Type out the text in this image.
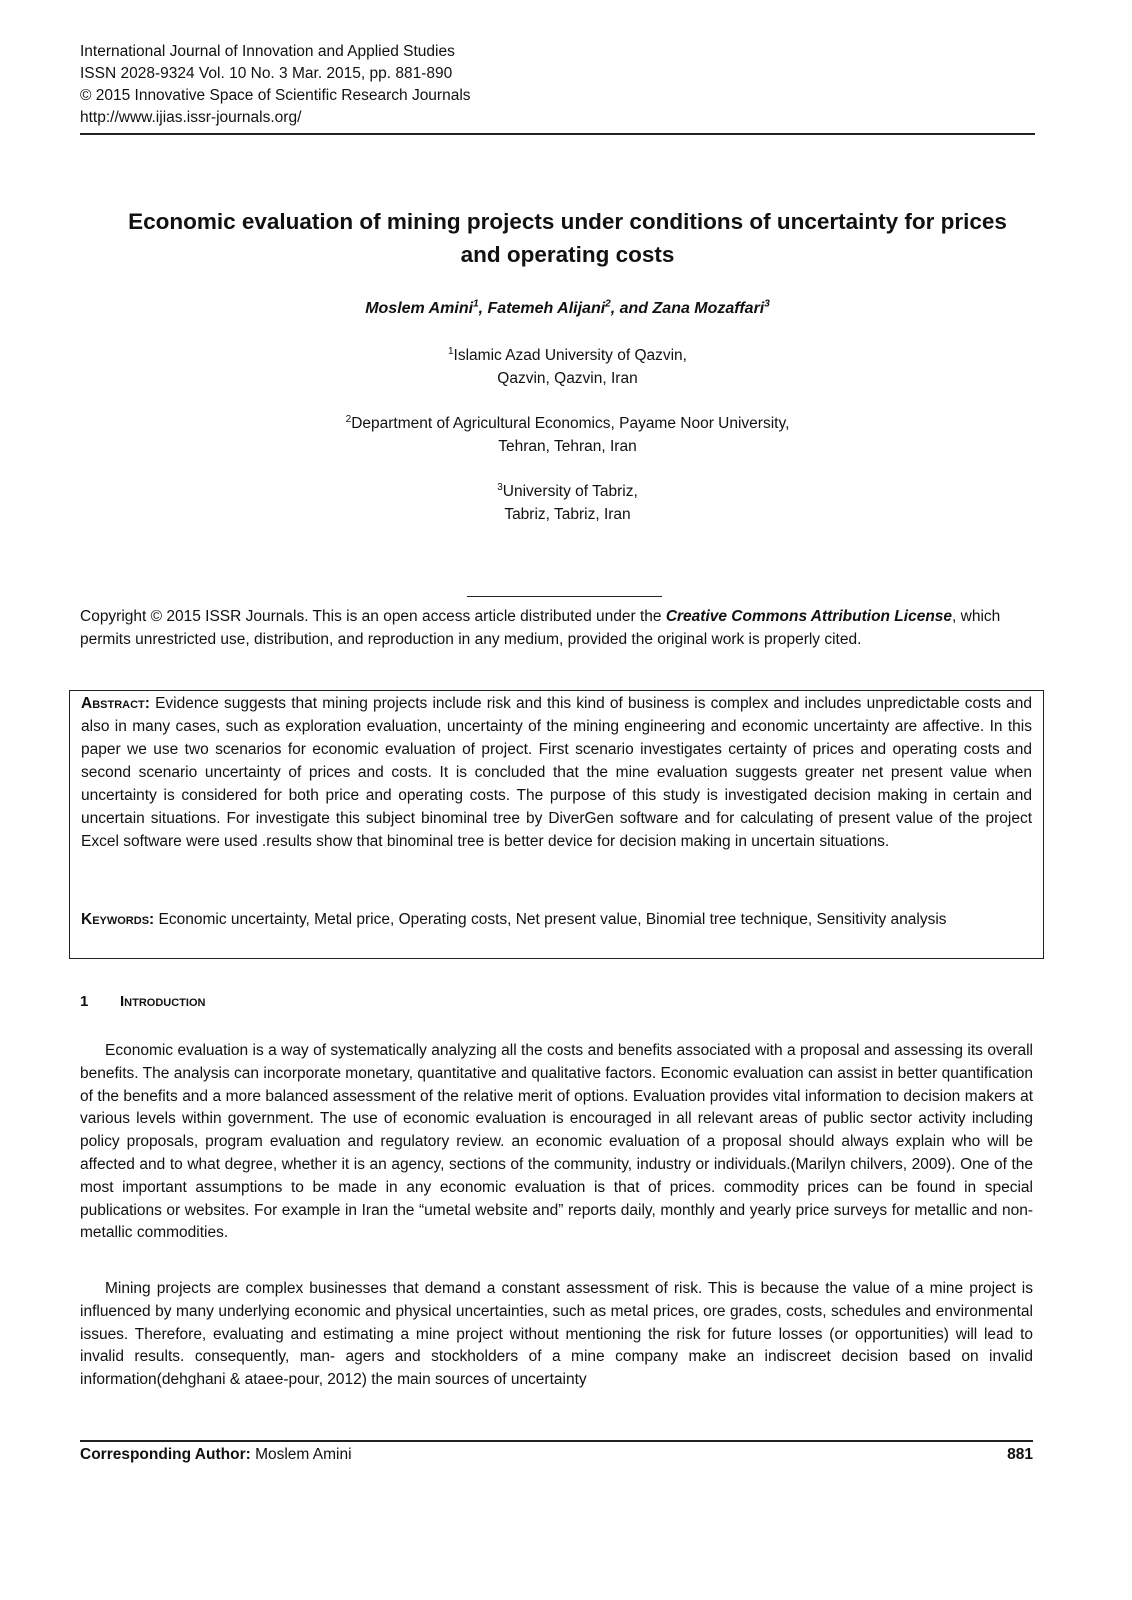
International Journal of Innovation and Applied Studies
ISSN 2028-9324 Vol. 10 No. 3 Mar. 2015, pp. 881-890
© 2015 Innovative Space of Scientific Research Journals
http://www.ijias.issr-journals.org/
Economic evaluation of mining projects under conditions of uncertainty for prices
and operating costs
Moslem Amini$^1$, Fatemeh Alijani$^2$, and Zana Mozaffari$^3$
$^1$Islamic Azad University of Qazvin,
Qazvin, Qazvin, Iran
$^2$Department of Agricultural Economics, Payame Noor University,
Tehran, Tehran, Iran
$^3$University of Tabriz,
Tabriz, Tabriz, Iran
Copyright © 2015 ISSR Journals. This is an open access article distributed under the Creative Commons Attribution License, which permits unrestricted use, distribution, and reproduction in any medium, provided the original work is properly cited.

Abstract: Evidence suggests that mining projects include risk and this kind of business is complex and includes unpredictable costs and also in many cases, such as exploration evaluation, uncertainty of the mining engineering and economic uncertainty are affective. In this paper we use two scenarios for economic evaluation of project. First scenario investigates certainty of prices and operating costs and second scenario uncertainty of prices and costs. It is concluded that the mine evaluation suggests greater net present value when uncertainty is considered for both price and operating costs. The purpose of this study is investigated decision making in certain and uncertain situations. For investigate this subject binominal tree by DiverGen software and for calculating of present value of the project Excel software were used .results show that binominal tree is better device for decision making in uncertain situations.

Keywords: Economic uncertainty, Metal price, Operating costs, Net present value, Binomial tree technique, Sensitivity analysis

1 Introduction

Economic evaluation is a way of systematically analyzing all the costs and benefits associated with a proposal and assessing its overall benefits. The analysis can incorporate monetary, quantitative and qualitative factors. Economic evaluation can assist in better quantification of the benefits and a more balanced assessment of the relative merit of options. Evaluation provides vital information to decision makers at various levels within government. The use of economic evaluation is encouraged in all relevant areas of public sector activity including policy proposals, program evaluation and regulatory review. an economic evaluation of a proposal should always explain who will be affected and to what degree, whether it is an agency, sections of the community, industry or individuals.(Marilyn chilvers, 2009). One of the most important assumptions to be made in any economic evaluation is that of prices. commodity prices can be found in special publications or websites. For example in Iran the “umetal website and” reports daily, monthly and yearly price surveys for metallic and non-metallic commodities.

Mining projects are complex businesses that demand a constant assessment of risk. This is because the value of a mine project is influenced by many underlying economic and physical uncertainties, such as metal prices, ore grades, costs, schedules and environmental issues. Therefore, evaluating and estimating a mine project without mentioning the risk for future losses (or opportunities) will lead to invalid results. consequently, man- agers and stockholders of a mine company make an indiscreet decision based on invalid information(dehghani & ataee-pour, 2012) the main sources of uncertainty

Corresponding Author: Moslem Amini	881
